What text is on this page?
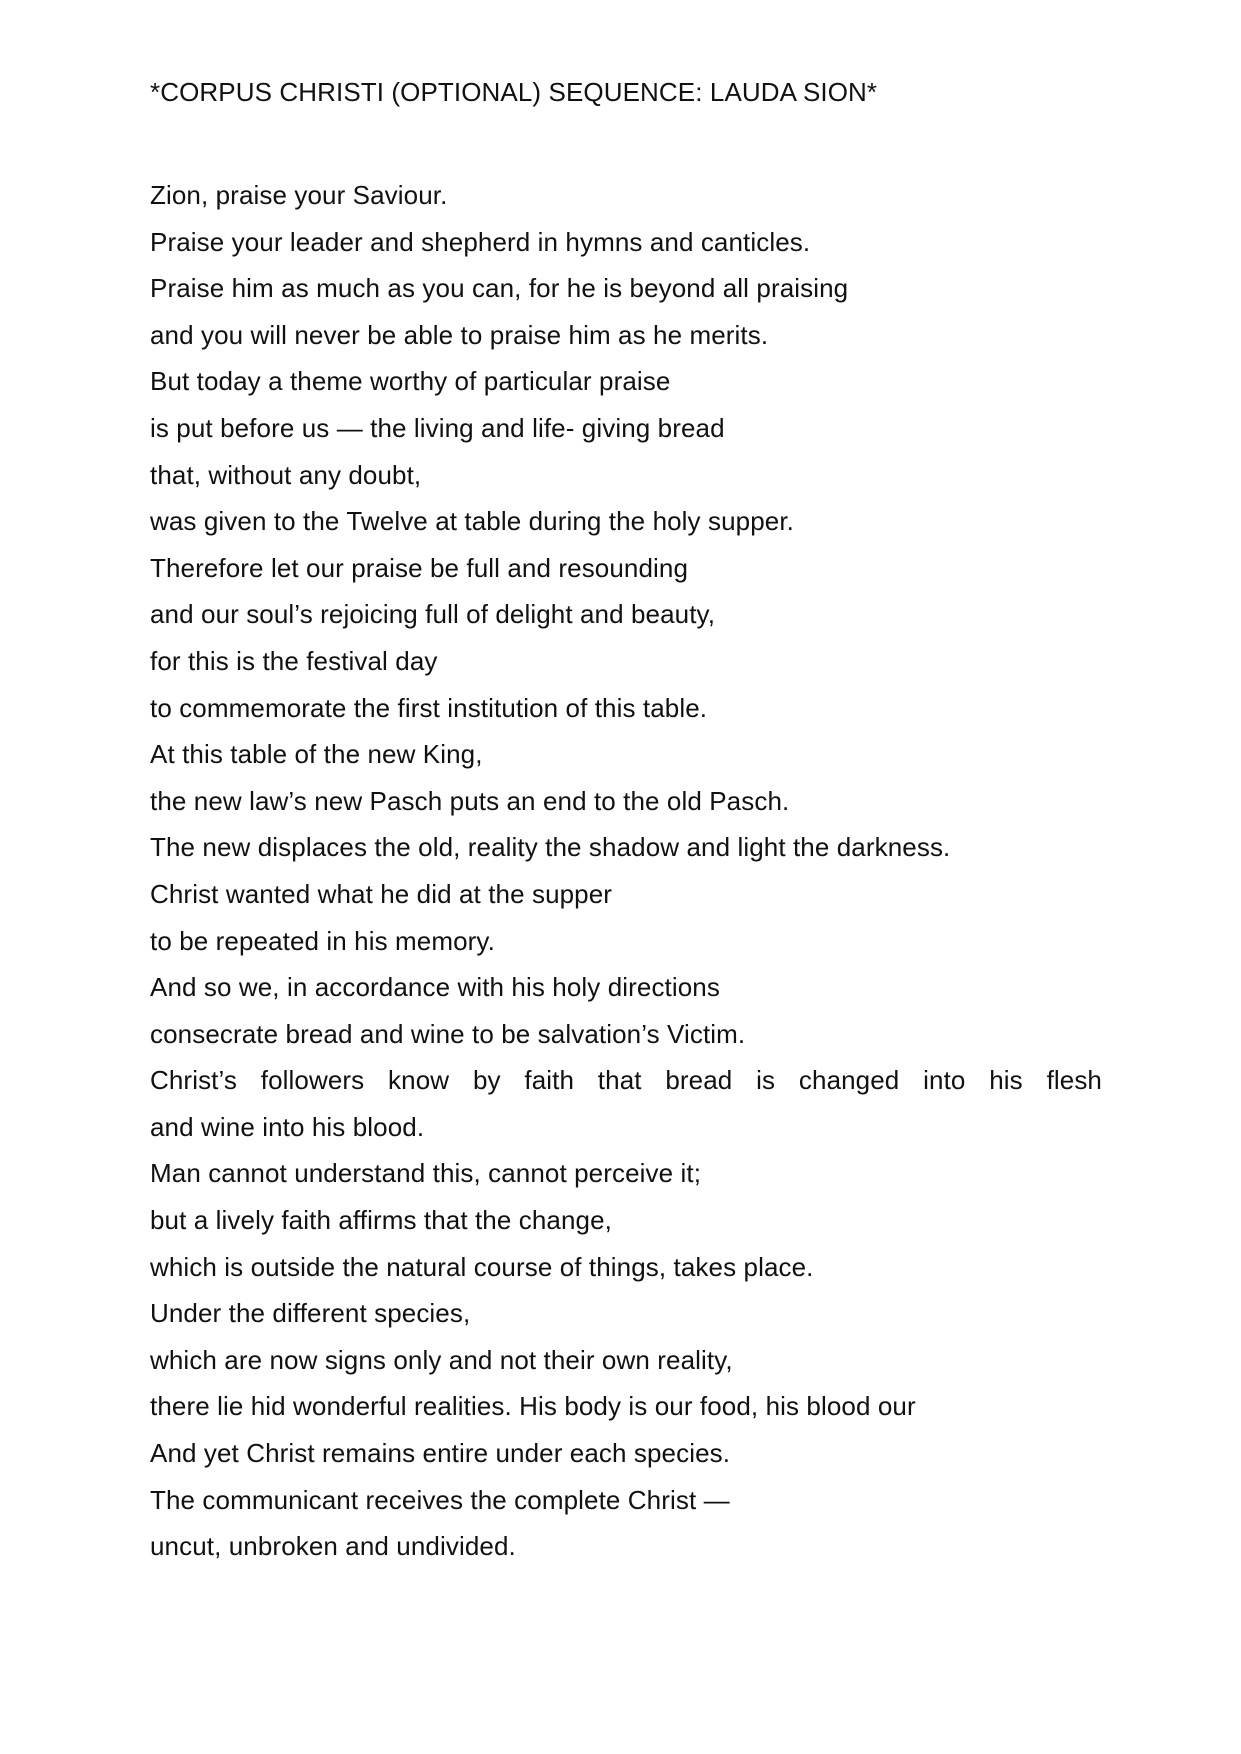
*CORPUS CHRISTI (OPTIONAL) SEQUENCE: LAUDA SION*
Zion, praise your Saviour.
Praise your leader and shepherd in hymns and canticles.
Praise him as much as you can, for he is beyond all praising
and you will never be able to praise him as he merits.
But today a theme worthy of particular praise
is put before us — the living and life- giving bread
that, without any doubt,
was given to the Twelve at table during the holy supper.
Therefore let our praise be full and resounding
and our soul’s rejoicing full of delight and beauty,
for this is the festival day
to commemorate the first institution of this table.
At this table of the new King,
the new law’s new Pasch puts an end to the old Pasch.
The new displaces the old, reality the shadow and light the darkness.
Christ wanted what he did at the supper
to be repeated in his memory.
And so we, in accordance with his holy directions
consecrate bread and wine to be salvation’s Victim.
Christ’s followers know by faith that bread is changed into his flesh
and wine into his blood.
Man cannot understand this, cannot perceive it;
but a lively faith affirms that the change,
which is outside the natural course of things, takes place.
Under the different species,
which are now signs only and not their own reality,
there lie hid wonderful realities. His body is our food, his blood our
And yet Christ remains entire under each species.
The communicant receives the complete Christ —
uncut, unbroken and undivided.
